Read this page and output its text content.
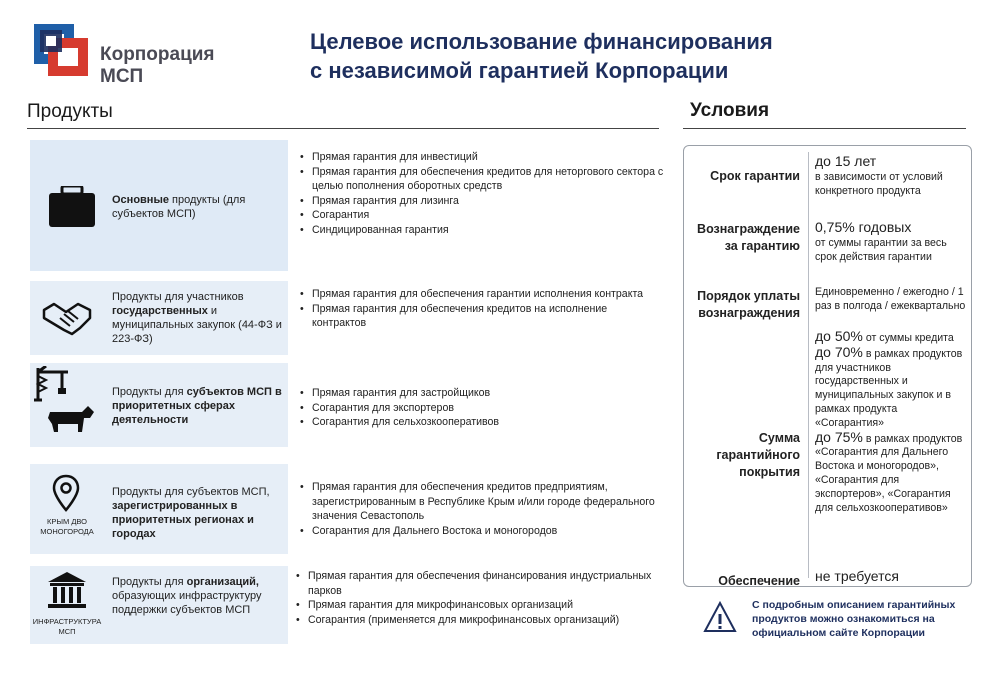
Корпорация
МСП
Целевое использование финансирования
с независимой гарантией Корпорации
Продукты	Условия
Основные продукты (для субъектов МСП)
• Прямая гарантия для инвестиций
• Прямая гарантия для обеспечения кредитов для неторгового сектора с целью пополнения оборотных средств
• Прямая гарантия для лизинга
• Согарантия
• Синдицированная гарантия
Продукты для участников государственных и муниципальных закупок (44-ФЗ и 223-ФЗ)
• Прямая гарантия для обеспечения гарантии исполнения контракта
• Прямая гарантия для обеспечения кредитов на исполнение контрактов
Продукты для субъектов МСП в приоритетных сферах деятельности
• Прямая гарантия для застройщиков
• Согарантия для экспортеров
• Согарантия для сельхозкооперативов
КРЫМ ДВО МОНОГОРОДА
Продукты для субъектов МСП, зарегистрированных в приоритетных регионах и городах
• Прямая гарантия для обеспечения кредитов предприятиям, зарегистрированным в Республике Крым и/или городе федерального значения Севастополь
• Согарантия для Дальнего Востока и моногородов
ИНФРАСТРУКТУРА МСП
Продукты для организаций, образующих инфраструктуру поддержки субъектов МСП
• Прямая гарантия для обеспечения финансирования индустриальных парков
• Прямая гарантия для микрофинансовых организаций
• Согарантия (применяется для микрофинансовых организаций)
Срок гарантии
до 15 лет
в зависимости от условий конкретного продукта
Вознаграждение за гарантию
0,75% годовых
от суммы гарантии за весь срок действия гарантии
Порядок уплаты вознаграждения
Единовременно / ежегодно / 1 раз в полгода / ежеквартально
Сумма гарантийного покрытия
до 50% от суммы кредита
до 70% в рамках продуктов для участников государственных и муниципальных закупок и в рамках продукта «Согарантия»
до 75% в рамках продуктов «Согарантия для Дальнего Востока и моногородов», «Согарантия для экспортеров», «Согарантия для сельхозкооперативов»
Обеспечение не требуется
С подробным описанием гарантийных продуктов можно ознакомиться на официальном сайте Корпорации
